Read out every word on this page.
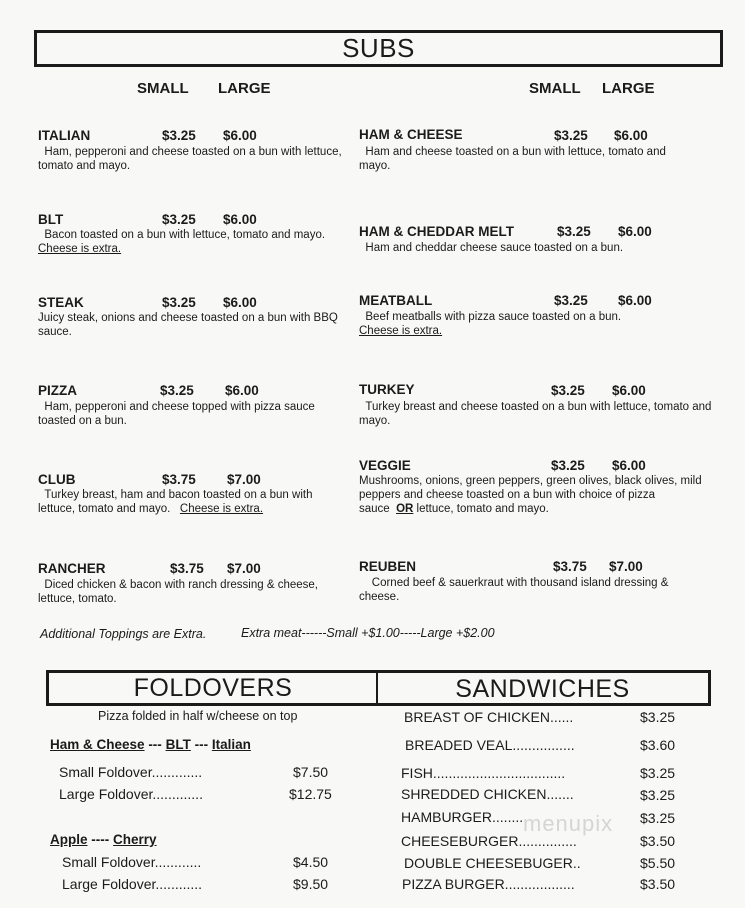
SUBS
SMALL LARGE	SMALL LARGE
ITALIAN	$3.25 $6.00
Ham, pepperoni and cheese toasted on a bun with lettuce, tomato and mayo.
BLT	$3.25 $6.00
Bacon toasted on a bun with lettuce, tomato and mayo.
Cheese is extra.
STEAK	$3.25 $6.00
Juicy steak, onions and cheese toasted on a bun with BBQ sauce.
PIZZA	$3.25 $6.00
Ham, pepperoni and cheese topped with pizza sauce toasted on a bun.
CLUB	$3.75 $7.00
Turkey breast, ham and bacon toasted on a bun with lettuce, tomato and mayo. Cheese is extra.
RANCHER	$3.75 $7.00
Diced chicken & bacon with ranch dressing & cheese, lettuce, tomato.
HAM & CHEESE	$3.25 $6.00
Ham and cheese toasted on a bun with lettuce, tomato and mayo.
HAM & CHEDDAR MELT	$3.25 $6.00
Ham and cheddar cheese sauce toasted on a bun.
MEATBALL	$3.25 $6.00
Beef meatballs with pizza sauce toasted on a bun.
Cheese is extra.
TURKEY	$3.25 $6.00
Turkey breast and cheese toasted on a bun with lettuce, tomato and mayo.
VEGGIE	$3.25 $6.00
Mushrooms, onions, green peppers, green olives, black olives, mild peppers and cheese toasted on a bun with choice of pizza sauce OR lettuce, tomato and mayo.
REUBEN	$3.75 $7.00
Corned beef & sauerkraut with thousand island dressing & cheese.
Additional Toppings are Extra.	Extra meat------Small +$1.00-----Large +$2.00
FOLDOVERS	SANDWICHES
Pizza folded in half w/cheese on top
Ham & Cheese --- BLT --- Italian
Small Foldover.............	$7.50
Large Foldover.............	$12.75
Apple ---- Cherry
Small Foldover............	$4.50
Large Foldover............	$9.50
BREAST OF CHICKEN......	$3.25
BREADED VEAL................	$3.60
FISH..................................	$3.25
SHREDDED CHICKEN.......	$3.25
HAMBURGER........	$3.25
CHEESEBURGER...............	$3.50
DOUBLE CHEESEBUGER..	$5.50
PIZZA BURGER..................	$3.50
menupix
